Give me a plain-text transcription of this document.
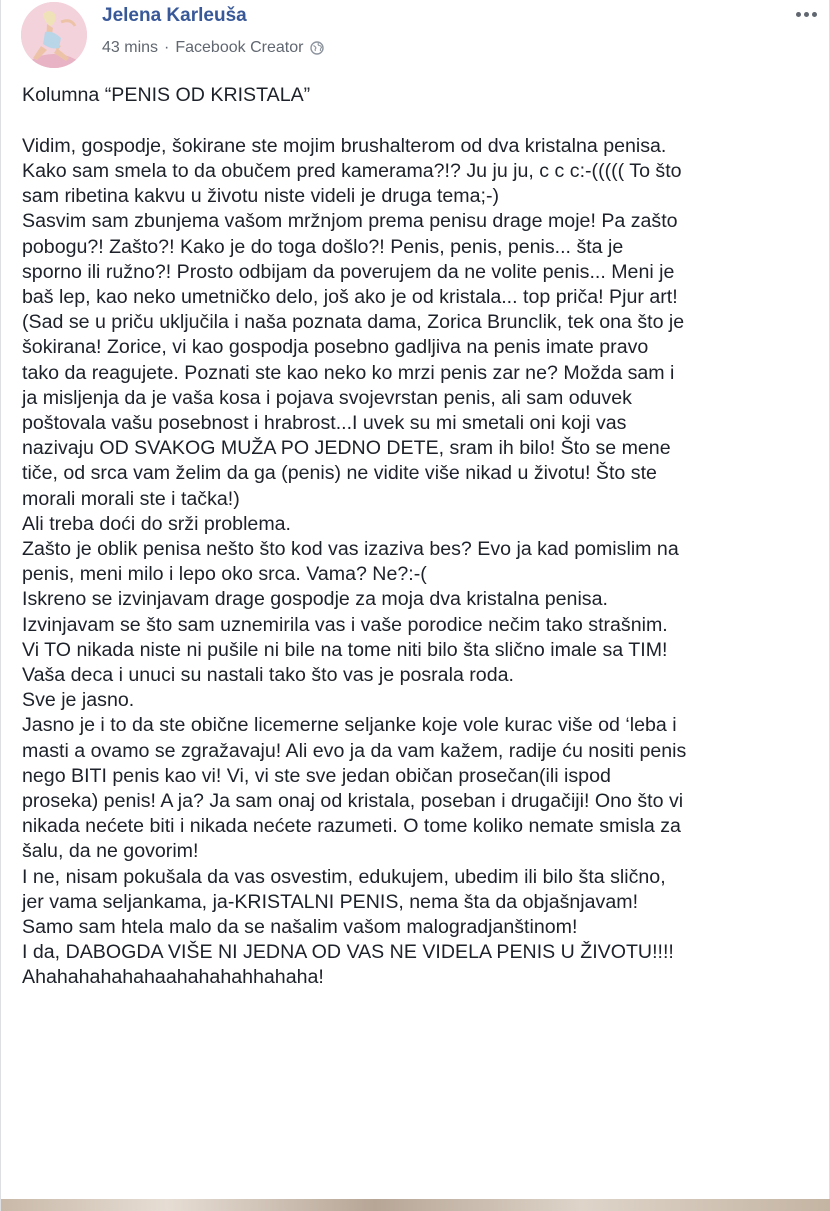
Jelena Karleuša
43 mins · Facebook Creator
Kolumna “PENIS OD KRISTALA”
Vidim, gospodje, šokirane ste mojim brushalterom od dva kristalna penisa.
Kako sam smela to da obučem pred kamerama?!? Ju ju ju, c c c:-((((( To što
sam ribetina kakvu u životu niste videli je druga tema;-)
Sasvim sam zbunjema vašom mržnjom prema penisu drage moje! Pa zašto
pobogu?! Zašto?! Kako je do toga došlo?! Penis, penis, penis... šta je
sporno ili ružno?! Prosto odbijam da poverujem da ne volite penis... Meni je
baš lep, kao neko umetničko delo, još ako je od kristala... top priča! Pjur art!
(Sad se u priču uključila i naša poznata dama, Zorica Brunclik, tek ona što je
šokirana! Zorice, vi kao gospodja posebno gadljiva na penis imate pravo
tako da reagujete. Poznati ste kao neko ko mrzi penis zar ne? Možda sam i
ja misljenja da je vaša kosa i pojava svojevrstan penis, ali sam oduvek
poštovala vašu posebnost i hrabrost...I uvek su mi smetali oni koji vas
nazivaju OD SVAKOG MUŽA PO JEDNO DETE, sram ih bilo! Što se mene
tiče, od srca vam želim da ga (penis) ne vidite više nikad u životu! Što ste
morali morali ste i tačka!)
Ali treba doći do srži problema.
Zašto je oblik penisa nešto što kod vas izaziva bes? Evo ja kad pomislim na
penis, meni milo i lepo oko srca. Vama? Ne?:-(
Iskreno se izvinjavam drage gospodje za moja dva kristalna penisa.
Izvinjavam se što sam uznemirila vas i vaše porodice nečim tako strašnim.
Vi TO nikada niste ni pušile ni bile na tome niti bilo šta slično imale sa TIM!
Vaša deca i unuci su nastali tako što vas je posrala roda.
Sve je jasno.
Jasno je i to da ste obične licemerne seljanke koje vole kurac više od ‘leba i
masti a ovamo se zgražavaju! Ali evo ja da vam kažem, radije ću nositi penis
nego BITI penis kao vi! Vi, vi ste sve jedan običan prosečan(ili ispod
proseka) penis! A ja? Ja sam onaj od kristala, poseban i drugačiji! Ono što vi
nikada nećete biti i nikada nećete razumeti. O tome koliko nemate smisla za
šalu, da ne govorim!
I ne, nisam pokušala da vas osvestim, edukujem, ubedim ili bilo šta slično,
jer vama seljankama, ja-KRISTALNI PENIS, nema šta da objašnjavam!
Samo sam htela malo da se našalim vašom malogradjanštinom!
I da, DABOGDA VIŠE NI JEDNA OD VAS NE VIDELA PENIS U ŽIVOTU!!!!
Ahahahahahahaahahahahhahaha!
